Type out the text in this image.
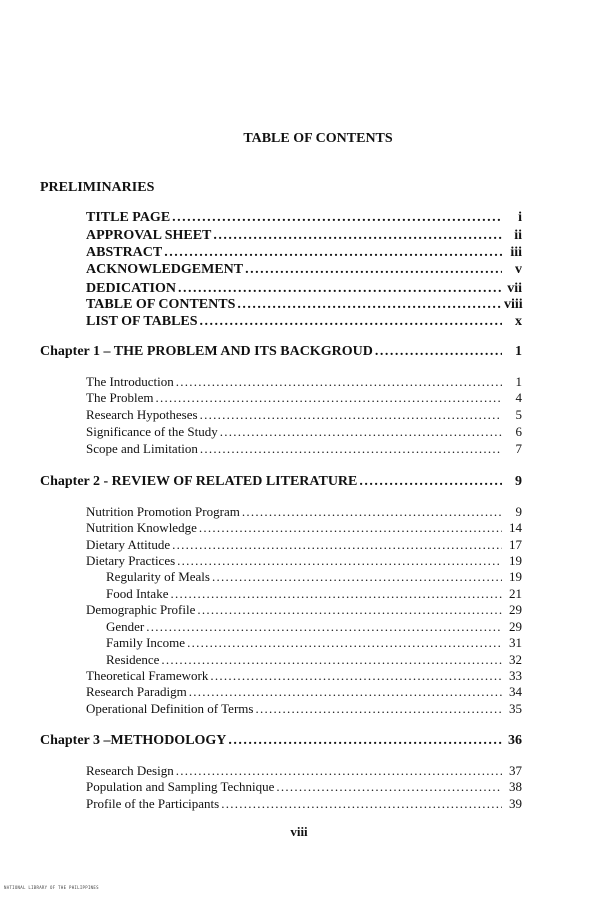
TABLE OF CONTENTS
PRELIMINARIES
TITLE PAGE . . .	i
APPROVAL SHEET . . .	ii
ABSTRACT . . .	iii
ACKNOWLEDGEMENT . . .	v
DEDICATION . . .	vii
TABLE OF CONTENTS . . .	viii
LIST OF TABLES . . .	x
Chapter 1 – THE PROBLEM AND ITS BACKGROUD . . .	1
The Introduction . . .	1
The Problem . . .	4
Research Hypotheses . . .	5
Significance of the Study . . .	6
Scope and Limitation . . .	7
Chapter 2 - REVIEW OF RELATED LITERATURE . . .	9
Nutrition Promotion Program . . .	9
Nutrition Knowledge . . .	14
Dietary Attitude . . .	17
Dietary Practices . . .	19
Regularity of Meals . . .	19
Food Intake . . .	21
Demographic Profile . . .	29
Gender . . .	29
Family Income . . .	31
Residence . . .	32
Theoretical Framework . . .	33
Research Paradigm . . .	34
Operational Definition of Terms . . .	35
Chapter 3 –METHODOLOGY . . .	36
Research Design . . .	37
Population and Sampling Technique . . .	38
Profile of the Participants . . .	39
viii
NATIONAL LIBRARY OF THE PHILIPPINES
